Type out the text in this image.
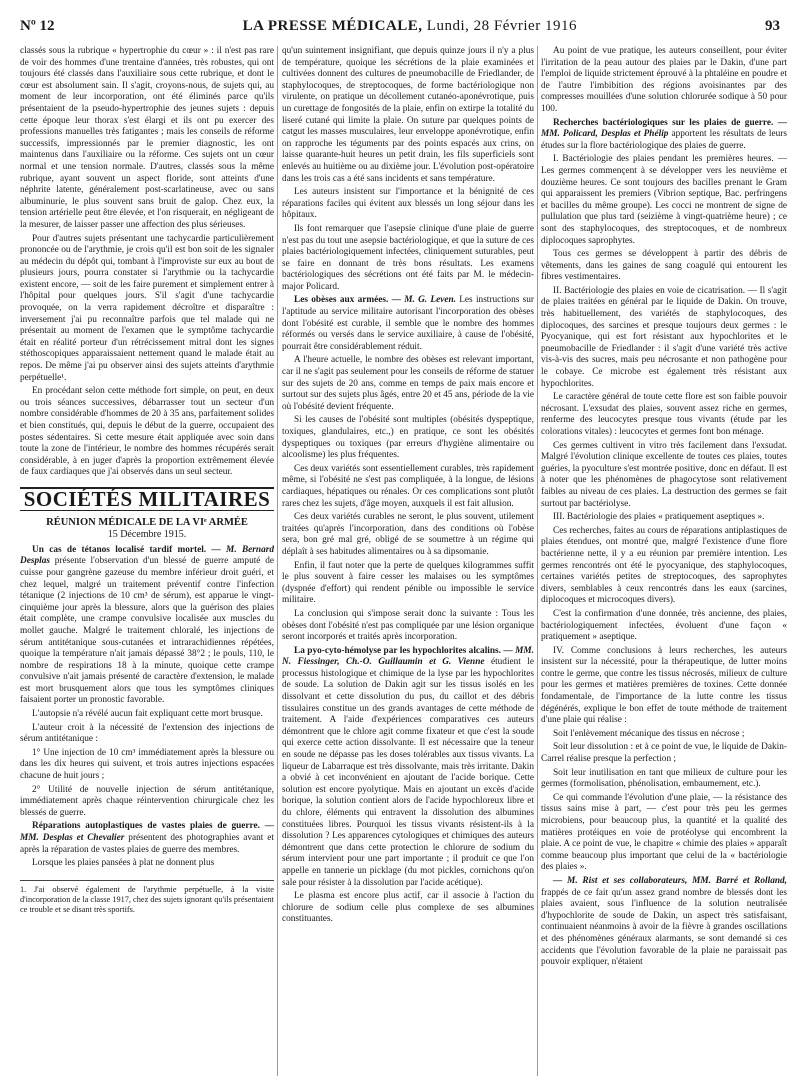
Nº 12	LA PRESSE MÉDICALE, Lundi, 28 Février 1916	93

classés sous la rubrique « hypertrophie du cœur » : il n'est pas rare de voir des hommes d'une trentaine d'années, très robustes, qui ont toujours été classés dans l'auxiliaire sous cette rubrique, et dont le cœur est absolument sain. Il s'agit, croyons-nous, de sujets qui, au moment de leur incorporation, ont été éliminés parce qu'ils présentaient de la pseudo-hypertrophie des jeunes sujets : depuis cette époque leur thorax s'est élargi et ils ont pu exercer des professions manuelles très fatigantes ; mais les conseils de réforme successifs, impressionnés par le premier diagnostic, les ont maintenus dans l'auxiliaire ou la réforme. Ces sujets ont un cœur normal et une tension normale. D'autres, classés sous la même rubrique, ayant souvent un aspect floride, sont atteints d'une néphrite latente, généralement post-scarlatineuse, avec ou sans albuminurie, le plus souvent sans bruit de galop. Chez eux, la tension artérielle peut être élevée, et l'on risquerait, en négligeant de la mesurer, de laisser passer une affection des plus sérieuses.

Pour d'autres sujets présentant une tachycardie particulièrement prononcée ou de l'arythmie, je crois qu'il est bon soit de les signaler au médecin du dépôt qui, tombant à l'improviste sur eux au bout de plusieurs jours, pourra constater si l'arythmie ou la tachycardie existent encore, — soit de les faire purement et simplement entrer à l'hôpital pour quelques jours. S'il s'agit d'une tachycardie provoquée, on la verra rapidement décroître et disparaître : inversement j'ai pu reconnaître parfois que tel malade qui ne présentait au moment de l'examen que le symptôme tachycardie était en réalité porteur d'un rétrécissement mitral dont les signes stéthoscopiques apparaissaient nettement quand le malade était au repos. De même j'ai pu observer ainsi des sujets atteints d'arythmie perpétuelle¹.

En procédant selon cette méthode fort simple, on peut, en deux ou trois séances successives, débarrasser tout un secteur d'un nombre considérable d'hommes de 20 à 35 ans, parfaitement solides et bien constitués, qui, depuis le début de la guerre, occupaient des postes sédentaires. Si cette mesure était appliquée avec soin dans toute la zone de l'intérieur, le nombre des hommes récupérés serait considérable, à en juger d'après la proportion extrêmement élevée de faux cardiaques que j'ai observés dans un seul secteur.

SOCIÉTÉS MILITAIRES
RÉUNION MÉDICALE DE LA VIᵉ ARMÉE
15 Décembre 1915.

Un cas de tétanos localisé tardif mortel. — M. Bernard Desplas présente l'observation d'un blessé de guerre amputé de cuisse pour gangrène gazeuse du membre inférieur droit guéri, et chez lequel, malgré un traitement préventif contre l'infection tétanique (2 injections de 10 cm³ de sérum), est apparue le vingt-cinquième jour après la blessure, alors que la guérison des plaies était complète, une crampe convulsive localisée aux muscles du mollet gauche. Malgré le traitement chloralé, les injections de sérum antitétanique sous-cutanées et intrarachidiennes répétées, quoique la température n'ait jamais dépassé 38°2 ; le pouls, 110, le nombre de respirations 18 à la minute, quoique cette crampe convulsive n'ait jamais présenté de caractère d'extension, le malade est mort brusquement alors que tous les symptômes cliniques faisaient porter un pronostic favorable.

L'autopsie n'a révélé aucun fait expliquant cette mort brusque.

L'auteur croit à la nécessité de l'extension des injections de sérum antitétanique :

1° Une injection de 10 cm³ immédiatement après la blessure ou dans les dix heures qui suivent, et trois autres injections espacées chacune de huit jours ;

2° Utilité de nouvelle injection de sérum antitétanique, immédiatement après chaque réintervention chirurgicale chez les blessés de guerre.

Réparations autoplastiques de vastes plaies de guerre. — MM. Desplas et Chevalier présentent des photographies avant et après la réparation de vastes plaies de guerre des membres.

Lorsque les plaies pansées à plat ne donnent plus

1. J'ai observé également de l'arythmie perpétuelle, à la visite d'incorporation de la classe 1917, chez des sujets ignorant qu'ils présentaient ce trouble et se disant très sportifs.

qu'un suintement insignifiant, que depuis quinze jours il n'y a plus de température, quoique les sécrétions de la plaie examinées et cultivées donnent des cultures de pneumobacille de Friedlander, de staphylocoques, de streptocoques, de forme bactériologique non virulente, on pratique un décollement cutanéo-aponévrotique, puis un curettage de fongosités de la plaie, enfin on extirpe la totalité du liseré cutané qui limite la plaie. On suture par quelques points de catgut les masses musculaires, leur enveloppe aponévrotique, enfin on rapproche les téguments par des points espacés aux crins, on laisse quarante-huit heures un petit drain, les fils superficiels sont enlevés au huitième ou au dixième jour. L'évolution post-opératoire dans les trois cas a été sans incidents et sans température.

Les auteurs insistent sur l'importance et la bénignité de ces réparations faciles qui évitent aux blessés un long séjour dans les hôpitaux.

Ils font remarquer que l'asepsie clinique d'une plaie de guerre n'est pas du tout une asepsie bactériologique, et que la suture de ces plaies bactériologiquement infectées, cliniquement suturables, peut se faire en donnant de très bons résultats. Les examens bactériologiques des sécrétions ont été faits par M. le médecin-major Policard.

Les obèses aux armées. — M. G. Leven. Les instructions sur l'aptitude au service militaire autorisant l'incorporation des obèses dont l'obésité est curable, il semble que le nombre des hommes réformés ou versés dans le service auxiliaire, à cause de l'obésité, pourrait être considérablement réduit.

A l'heure actuelle, le nombre des obèses est relevant important, car il ne s'agit pas seulement pour les conseils de réforme de statuer sur des sujets de 20 ans, comme en temps de paix mais encore et surtout sur des sujets plus âgés, entre 20 et 45 ans, période de la vie où l'obésité devient fréquente.

Si les causes de l'obésité sont multiples (obésités dyspeptique, toxiques, glandulaires, etc.,) en pratique, ce sont les obésités dyspeptiques ou toxiques (par erreurs d'hygiène alimentaire ou alcoolisme) les plus fréquentes.

Ces deux variétés sont essentiellement curables, très rapidement même, si l'obésité ne s'est pas compliquée, à la longue, de lésions cardiaques, hépatiques ou rénales. Or ces complications sont plutôt rares chez les sujets, d'âge moyen, auxquels il est fait allusion.

Ces deux variétés curables ne seront, le plus souvent, utilement traitées qu'après l'incorporation, dans des conditions où l'obèse sera, bon gré mal gré, obligé de se soumettre à un régime qui déplaît à ses habitudes alimentaires ou à sa dipsomanie.

Enfin, il faut noter que la perte de quelques kilogrammes suffit le plus souvent à faire cesser les malaises ou les symptômes (dyspnée d'effort) qui rendent pénible ou impossible le service militaire.

La conclusion qui s'impose serait donc la suivante : Tous les obèses dont l'obésité n'est pas compliquée par une lésion organique seront incorporés et traités après incorporation.

La pyo-cyto-hémolyse par les hypochlorites alcalins. — MM. N. Fiessinger, Ch.-O. Guillaumin et G. Vienne étudient le processus histologique et chimique de la lyse par les hypochlorites de soude. La solution de Dakin agit sur les tissus isolés en les dissolvant et cette dissolution du pus, du caillot et des débris tissulaires constitue un des grands avantages de cette méthode de traitement. A l'aide d'expériences comparatives ces auteurs démontrent que le chlore agit comme fixateur et que c'est la soude qui exerce cette action dissolvante. Il est nécessaire que la teneur en soude ne dépasse pas les doses tolérables aux tissus vivants. La liqueur de Labarraque est très dissolvante, mais très irritante. Dakin a obvié à cet inconvénient en ajoutant de l'acide borique. Cette solution est encore pyolytique. Mais en ajoutant un excès d'acide borique, la solution contient alors de l'acide hypochloreux libre et du chlore, éléments qui entravent la dissolution des albumines constituées libres. Pourquoi les tissus vivants résistent-ils à la dissolution ? Les apparences cytologiques et chimiques des auteurs démontrent que dans cette protection le chlorure de sodium du sérum intervient pour une part importante ; il produit ce que l'on appelle en tannerie un picklage (du mot pickles, cornichons qu'on sale pour résister à la dissolution par l'acide acétique).

Le plasma est encore plus actif, car il associe à l'action du chlorure de sodium celle plus complexe de ses albumines constituantes.

Au point de vue pratique, les auteurs conseillent, pour éviter l'irritation de la peau autour des plaies par le Dakin, d'une part l'emploi de liquide strictement éprouvé à la phtaléine en poudre et de l'autre l'imbibition des régions avoisinantes par des compresses mouillées d'une solution chlorurée sodique à 50 pour 100.

Recherches bactériologiques sur les plaies de guerre. — MM. Policard, Desplas et Phélip apportent les résultats de leurs études sur la flore bactériologique des plaies de guerre.

I. Bactériologie des plaies pendant les premières heures. — Les germes commençent à se développer vers les neuvième et douzième heures. Ce sont toujours des bacilles prenant le Gram qui apparaissent les premiers (Vibrion septique, Bac. perfringens et bacilles du même groupe). Les cocci ne montrent de signe de pullulation que plus tard (seizième à vingt-quatrième heure) ; ce sont des staphylocoques, des streptocoques, et de nombreux diplocoques saprophytes.

Tous ces germes se développent à partir des débris de vêtements, dans les gaines de sang coagulé qui entourent les fibres vestimentaires.

II. Bactériologie des plaies en voie de cicatrisation. — Il s'agit de plaies traitées en général par le liquide de Dakin. On trouve, très habituellement, des variétés de staphylocoques, des diplocoques, des sarcines et presque toujours deux germes : le Pyocyanique, qui est fort résistant aux hypochlorites et le pneumobacille de Friedlander : il s'agit d'une variété très active vis-à-vis des sucres, mais peu nécrosante et non pathogène pour le cobaye. Ce microbe est également très résistant aux hypochlorites.

Le caractère général de toute cette flore est son faible pouvoir nécrosant. L'exsudat des plaies, souvent assez riche en germes, renferme des leucocytes presque tous vivants (étude par les colorations vitales) : leucocytes et germes font bon ménage.

Ces germes cultivent in vitro très facilement dans l'exsudat. Malgré l'évolution clinique excellente de toutes ces plaies, toutes guéries, la pyoculture s'est montrée positive, donc en défaut. Il est à noter que les phénomènes de phagocytose sont relativement faibles au niveau de ces plaies. La destruction des germes se fait surtout par bactériolyse.

III. Bactériologie des plaies « pratiquement aseptiques ».

Ces recherches, faites au cours de réparations antiplastiques de plaies étendues, ont montré que, malgré l'existence d'une flore bactérienne nette, il y a eu réunion par première intention. Les germes rencontrés ont été le pyocyanique, des staphylocoques, certaines variétés petites de streptocoques, des saprophytes divers, semblables à ceux rencontrés dans les eaux (sarcines, diplocoques et microcoques divers).

C'est la confirmation d'une donnée, très ancienne, des plaies, bactériologiquement infectées, évoluent d'une façon « pratiquement » aseptique.

IV. Comme conclusions à leurs recherches, les auteurs insistent sur la nécessité, pour la thérapeutique, de lutter moins contre le germe, que contre les tissus nécrosés, milieux de culture pour les germes et matières premières de toxines. Cette donnée fondamentale, de l'importance de la lutte contre les tissus dégénérés, explique le bon effet de toute méthode de traitement d'une plaie qui réalise :

Soit l'enlèvement mécanique des tissus en nécrose ;

Soit leur dissolution : et à ce point de vue, le liquide de Dakin-Carrel réalise presque la perfection ;

Soit leur inutilisation en tant que milieux de culture pour les germes (formolisation, phénolisation, embaumement, etc.).

Ce qui commande l'évolution d'une plaie, — la résistance des tissus sains mise à part, — c'est pour très peu les germes microbiens, pour beaucoup plus, la quantité et la qualité des matières protéiques en voie de protéolyse qui encombrent la plaie. A ce point de vue, le chapitre « chimie des plaies » apparaît comme beaucoup plus important que celui de la « bactériologie des plaies ».

— M. Rist et ses collaborateurs, MM. Barré et Rolland, frappés de ce fait qu'un assez grand nombre de blessés dont les plaies avaient, sous l'influence de la solution neutralisée d'hypochlorite de soude de Dakin, un aspect très satisfaisant, continuaient néanmoins à avoir de la fièvre à grandes oscillations et des phénomènes généraux alarmants, se sont demandé si ces accidents que l'évolution favorable de la plaie ne paraissait pas pouvoir expliquer, n'étaient
